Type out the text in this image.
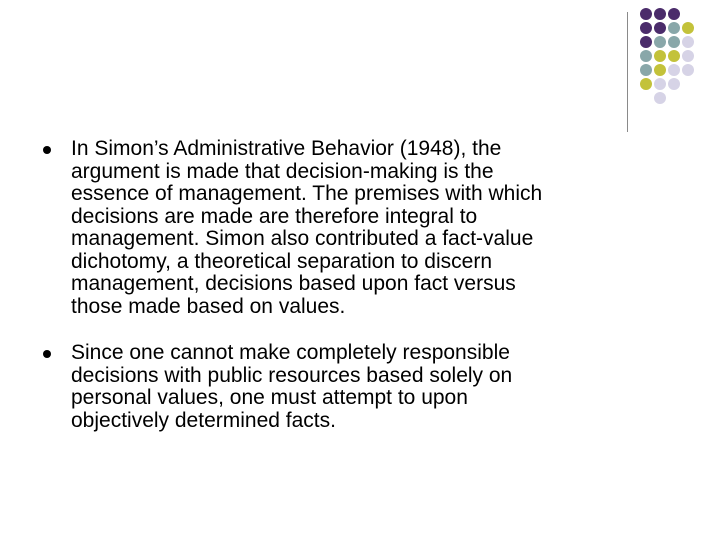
In Simon’s Administrative Behavior (1948), the
argument is made that decision-making is the
essence of management. The premises with which
decisions are made are therefore integral to
management. Simon also contributed a fact-value
dichotomy, a theoretical separation to discern
management, decisions based upon fact versus
those made based on values.
Since one cannot make completely responsible
decisions with public resources based solely on
personal values, one must attempt to upon
objectively determined facts.
